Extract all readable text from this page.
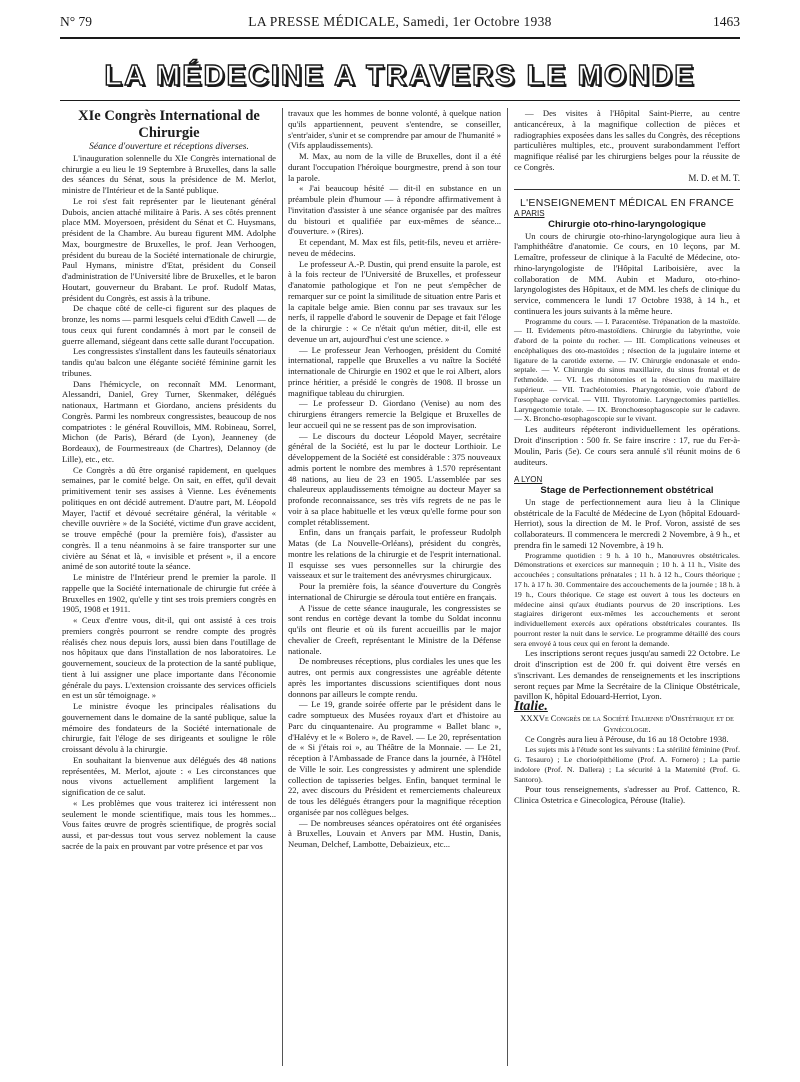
N° 79	LA PRESSE MÉDICALE, Samedi, 1er Octobre 1938	1463
LA MÉDECINE A TRAVERS LE MONDE

XIe Congrès International de Chirurgie

Séance d'ouverture et réceptions diverses.

L'inauguration solennelle du XIe Congrès international de chirurgie a eu lieu le 19 Septembre à Bruxelles, dans la salle des séances du Sénat, sous la présidence de M. Merlot, ministre de l'Intérieur et de la Santé publique.

Le roi s'est fait représenter par le lieutenant général Dubois, ancien attaché militaire à Paris. A ses côtés prennent place MM. Moyersoen, président du Sénat et C. Huysmans, président de la Chambre. Au bureau figurent MM. Adolphe Max, bourgmestre de Bruxelles, le prof. Jean Verhoogen, président du bureau de la Société internationale de chirurgie, Paul Hymans, ministre d'Etat, président du Conseil d'administration de l'Université libre de Bruxelles, et le baron Houtart, gouverneur du Brabant. Le prof. Rudolf Matas, président du Congrès, est assis à la tribune.

De chaque côté de celle-ci figurent sur des plaques de bronze, les noms — parmi lesquels celui d'Edith Cawell — de tous ceux qui furent condamnés à mort par le conseil de guerre allemand, siégeant dans cette salle durant l'occupation.

Les congressistes s'installent dans les fauteuils sénatoriaux tandis qu'au balcon une élégante société féminine garnit les tribunes.

Dans l'hémicycle, on reconnaît MM. Lenormant, Alessandri, Daniel, Grey Turner, Skenmaker, délégués nationaux, Hartmann et Giordano, anciens présidents du Congrès. Parmi les nombreux congressistes, beaucoup de nos compatriotes : le général Rouvillois, MM. Robineau, Sorrel, Michon (de Paris), Bérard (de Lyon), Jeanneney (de Bordeaux), de Fourmestreaux (de Chartres), Delannoy (de Lille), etc., etc.

Ce Congrès a dû être organisé rapidement, en quelques semaines, par le comité belge. On sait, en effet, qu'il devait primitivement tenir ses assises à Vienne. Les événements politiques en ont décidé autrement. D'autre part, M. Léopold Mayer, l'actif et dévoué secrétaire général, la véritable « cheville ouvrière » de la Société, victime d'un grave accident, se trouve empêché (pour la première fois), d'assister au congrès. Il a tenu néanmoins à se faire transporter sur une civière au Sénat et là, « invisible et présent », il a encore animé de son autorité toute la séance.

Le ministre de l'Intérieur prend le premier la parole. Il rappelle que la Société internationale de chirurgie fut créée à Bruxelles en 1902, qu'elle y tint ses trois premiers congrès en 1905, 1908 et 1911.

« Ceux d'entre vous, dit-il, qui ont assisté à ces trois premiers congrès pourront se rendre compte des progrès réalisés chez nous depuis lors, aussi bien dans l'outillage de nos hôpitaux que dans l'installation de nos laboratoires. Le gouvernement, soucieux de la protection de la santé publique, tient à lui assigner une place importante dans l'économie générale du pays. L'extension croissante des services officiels en est un sûr témoignage. »

Le ministre évoque les principales réalisations du gouvernement dans le domaine de la santé publique, salue la mémoire des fondateurs de la Société internationale de chirurgie, fait l'éloge de ses dirigeants et souligne le rôle croissant dévolu à la chirurgie.

En souhaitant la bienvenue aux délégués des 48 nations représentées, M. Merlot, ajoute : « Les circonstances que nous vivons actuellement amplifient largement la signification de ce salut.

« Les problèmes que vous traiterez ici intéressent non seulement le monde scientifique, mais tous les hommes... Vous faites œuvre de progrès scientifique, de progrès social aussi, et par-dessus tout vous servez noblement la cause sacrée de la paix en prouvant par votre présence et par vos

travaux que les hommes de bonne volonté, à quelque nation qu'ils appartiennent, peuvent s'entendre, se conseiller, s'entr'aider, s'unir et se comprendre par amour de l'humanité » (Vifs applaudissements).

M. Max, au nom de la ville de Bruxelles, dont il a été durant l'occupation l'héroïque bourgmestre, prend à son tour la parole.

« J'ai beaucoup hésité — dit-il en substance en un préambule plein d'humour — à répondre affirmativement à l'invitation d'assister à une séance organisée par des maîtres du bistouri et qualifiée par eux-mêmes de séance... d'ouverture. » (Rires).

Et cependant, M. Max est fils, petit-fils, neveu et arrière-neveu de médecins.

Le professeur A.-P. Dustin, qui prend ensuite la parole, est à la fois recteur de l'Université de Bruxelles, et professeur d'anatomie pathologique et l'on ne peut s'empêcher de remarquer sur ce point la similitude de situation entre Paris et la capitale belge amie. Bien connu par ses travaux sur les nerfs, il rappelle d'abord le souvenir de Depage et fait l'éloge de la chirurgie : « Ce n'était qu'un métier, dit-il, elle est devenue un art, aujourd'hui c'est une science. »

— Le professeur Jean Verhoogen, président du Comité international, rappelle que Bruxelles a vu naître la Société internationale de Chirurgie en 1902 et que le roi Albert, alors prince héritier, a présidé le congrès de 1908. Il brosse un magnifique tableau du chirurgien.

— Le professeur D. Giordano (Venise) au nom des chirurgiens étrangers remercie la Belgique et Bruxelles de leur accueil qui ne se ressent pas de son improvisation.

— Le discours du docteur Léopold Mayer, secrétaire général de la Société, est lu par le docteur Lorthioir. Le développement de la Société est considérable : 375 nouveaux admis portent le nombre des membres à 1.570 représentant 48 nations, au lieu de 23 en 1905. L'assemblée par ses chaleureux applaudissements témoigne au docteur Mayer sa profonde reconnaissance, ses très vifs regrets de ne pas le voir à sa place habituelle et les vœux qu'elle forme pour son complet rétablissement.

Enfin, dans un français parfait, le professeur Rudolph Matas (de La Nouvelle-Orléans), président du congrès, montre les relations de la chirurgie et de l'esprit international. Il esquisse ses vues personnelles sur la chirurgie des vaisseaux et sur le traitement des anévrysmes chirurgicaux.

Pour la première fois, la séance d'ouverture du Congrès international de Chirurgie se déroula tout entière en français.

A l'issue de cette séance inaugurale, les congressistes se sont rendus en cortège devant la tombe du Soldat inconnu qu'ils ont fleurie et où ils furent accueillis par le major chevalier de Creeft, représentant le Ministre de la Défense nationale.

De nombreuses réceptions, plus cordiales les unes que les autres, ont permis aux congressistes une agréable détente après les importantes discussions scientifiques dont nous donnons par ailleurs le compte rendu.

— Le 19, grande soirée offerte par le président dans le cadre somptueux des Musées royaux d'art et d'histoire au Parc du cinquantenaire. Au programme « Ballet blanc », d'Halévy et le « Bolero », de Ravel. — Le 20, représentation de « Si j'étais roi », au Théâtre de la Monnaie. — Le 21, réception à l'Ambassade de France dans la journée, à l'Hôtel de Ville le soir. Les congressistes y admirent une splendide collection de tapisseries belges. Enfin, banquet terminal le 22, avec discours du Président et remerciements chaleureux de tous les délégués étrangers pour la magnifique réception organisée par nos collègues belges.

— De nombreuses séances opératoires ont été organisées à Bruxelles, Louvain et Anvers par MM. Hustin, Danis, Neuman, Delchef, Lambotte, Debaizieux, etc...

— Des visites à l'Hôpital Saint-Pierre, au centre anticancéreux, à la magnifique collection de pièces et radiographies exposées dans les salles du Congrès, des réceptions particulières multiples, etc., prouvent surabondamment l'effort magnifique réalisé par les chirurgiens belges pour la réussite de ce Congrès.

M. D. et M. T.

L'ENSEIGNEMENT MÉDICAL EN FRANCE

A PARIS

Chirurgie oto-rhino-laryngologique

Un cours de chirurgie oto-rhino-laryngologique aura lieu à l'amphithéâtre d'anatomie. Ce cours, en 10 leçons, par M. Lemaître, professeur de clinique à la Faculté de Médecine, oto-rhino-laryngologiste de l'Hôpital Lariboisière, avec la collaboration de MM. Aubin et Maduro, oto-rhino-laryngologistes des Hôpitaux, et de MM. les chefs de clinique du service, commencera le lundi 17 Octobre 1938, à 14 h., et continuera les jours suivants à la même heure.

Programme du cours. — I. Paracentèse. Trépanation de la mastoïde. — II. Evidements pétro-mastoïdiens. Chirurgie du labyrinthe, voie d'abord de la pointe du rocher. — III. Complications veineuses et encéphaliques des oto-mastoïdes ; résection de la jugulaire interne et ligature de la carotide externe. — IV. Chirurgie endonasale et endo-septale. — V. Chirurgie du sinus maxillaire, du sinus frontal et de l'ethmoïde. — VI. Les rhinotomies et la résection du maxillaire supérieur. — VII. Trachéotomies. Pharyngotomie, voie d'abord de l'œsophage cervical. — VIII. Thyrotomie. Laryngectomies partielles. Laryngectomie totale. — IX. Bronchoœsophagoscopie sur le cadavre. — X. Broncho-œsophagoscopie sur le vivant.

Les auditeurs répéteront individuellement les opérations. Droit d'inscription : 500 fr. Se faire inscrire : 17, rue du Fer-à-Moulin, Paris (5e). Ce cours sera annulé s'il réunit moins de 6 auditeurs.

A LYON

Stage de Perfectionnement obstétrical

Un stage de perfectionnement aura lieu à la Clinique obstétricale de la Faculté de Médecine de Lyon (hôpital Edouard-Herriot), sous la direction de M. le Prof. Voron, assisté de ses collaborateurs. Il commencera le mercredi 2 Novembre, à 9 h., et prendra fin le samedi 12 Novembre, à 19 h.

Programme quotidien : 9 h. à 10 h., Manœuvres obstétricales. Démonstrations et exercices sur mannequin ; 10 h. à 11 h., Visite des accouchées ; consultations prénatales ; 11 h. à 12 h., Cours théorique ; 17 h. à 17 h. 30. Commentaire des accouchements de la journée ; 18 h. à 19 h., Cours théorique. Ce stage est ouvert à tous les docteurs en médecine ainsi qu'aux étudiants pourvus de 20 inscriptions. Les stagiaires dirigeront eux-mêmes les accouchements et seront individuellement exercés aux opérations obstétricales courantes. Ils pourront rester la nuit dans le service. Le programme détaillé des cours sera envoyé à tous ceux qui en feront la demande.

Les inscriptions seront reçues jusqu'au samedi 22 Octobre. Le droit d'inscription est de 200 fr. qui doivent être versés en s'inscrivant. Les demandes de renseignements et les inscriptions seront reçues par Mme la Secrétaire de la Clinique Obstétricale, pavillon K, hôpital Edouard-Herriot, Lyon.

Italie.

XXXVe Congrès de la Société Italienne d'Obstétrique et de Gynécologie.

Ce Congrès aura lieu à Pérouse, du 16 au 18 Octobre 1938.

Les sujets mis à l'étude sont les suivants : La stérilité féminine (Prof. G. Tesauro) ; Le chorioépithéliome (Prof. A. Fornero) ; La partie indolore (Prof. N. Dallera) ; La sécurité à la Maternité (Prof. G. Santoro).

Pour tous renseignements, s'adresser au Prof. Cattenco, R. Clinica Ostetrica e Ginecologica, Pérouse (Italie).
